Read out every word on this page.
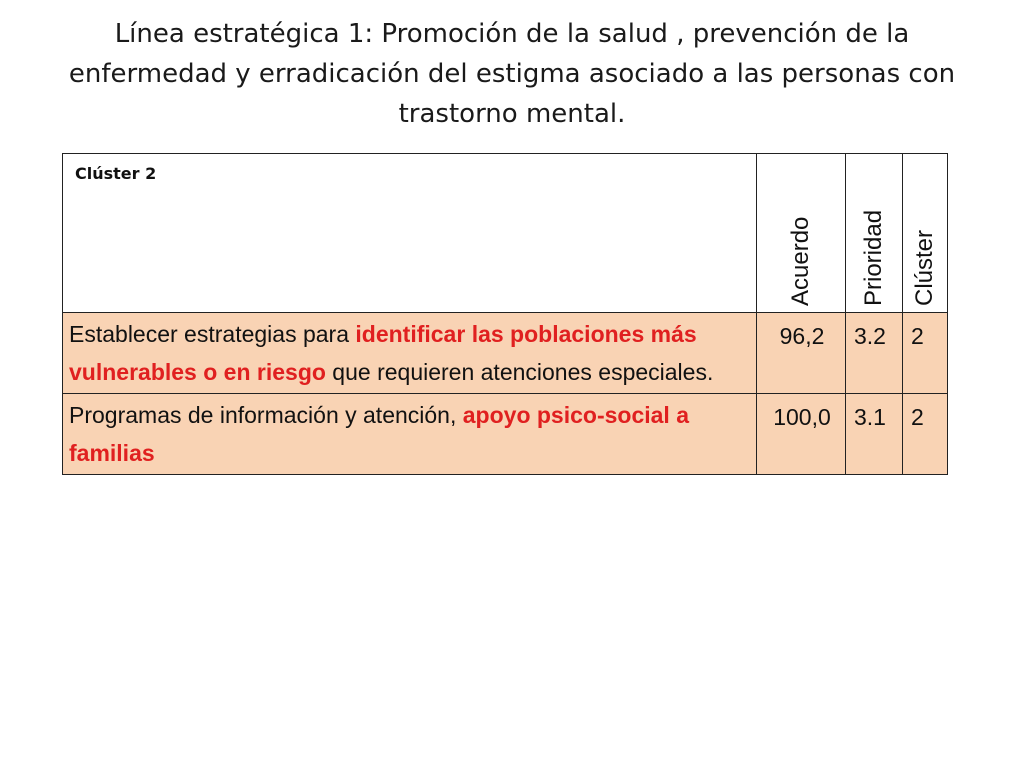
Línea estratégica 1: Promoción de la salud , prevención de la enfermedad y erradicación del estigma asociado a las personas con trastorno mental.
Clúster 2	Acuerdo	Prioridad	Clúster

Establecer estrategias para identificar las poblaciones más vulnerables o en riesgo que requieren atenciones especiales.	96,2	3.2	2
Programas de información y atención, apoyo psico-social a familias	100,0	3.1	2
